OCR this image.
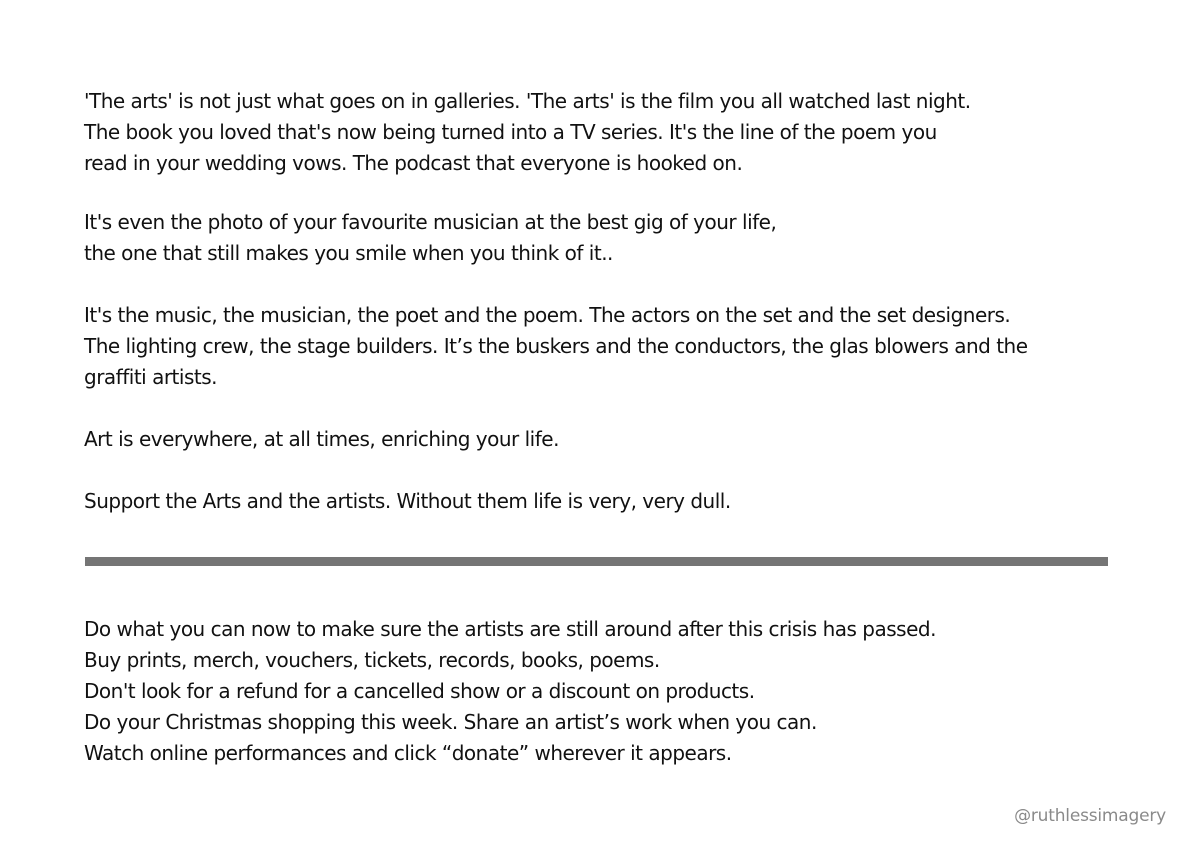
'The arts' is not just what goes on in galleries. 'The arts' is the film you all watched last night.

The book you loved that's now being turned into a TV series. It's the line of the poem you

read in your wedding vows. The podcast that everyone is hooked on.

It's even the photo of your favourite musician at the best gig of your life,

the one that still makes you smile when you think of it..

It's the music, the musician, the poet and the poem. The actors on the set and the set designers.

The lighting crew, the stage builders. It’s the buskers and the conductors, the glas blowers and the

graffiti artists.

Art is everywhere, at all times, enriching your life.

Support the Arts and the artists. Without them life is very, very dull.

Do what you can now to make sure the artists are still around after this crisis has passed.

Buy prints, merch, vouchers, tickets, records, books, poems.

Don't look for a refund for a cancelled show or a discount on products.

Do your Christmas shopping this week. Share an artist’s work when you can.

Watch online performances and click “donate” wherever it appears.

@ruthlessimagery
